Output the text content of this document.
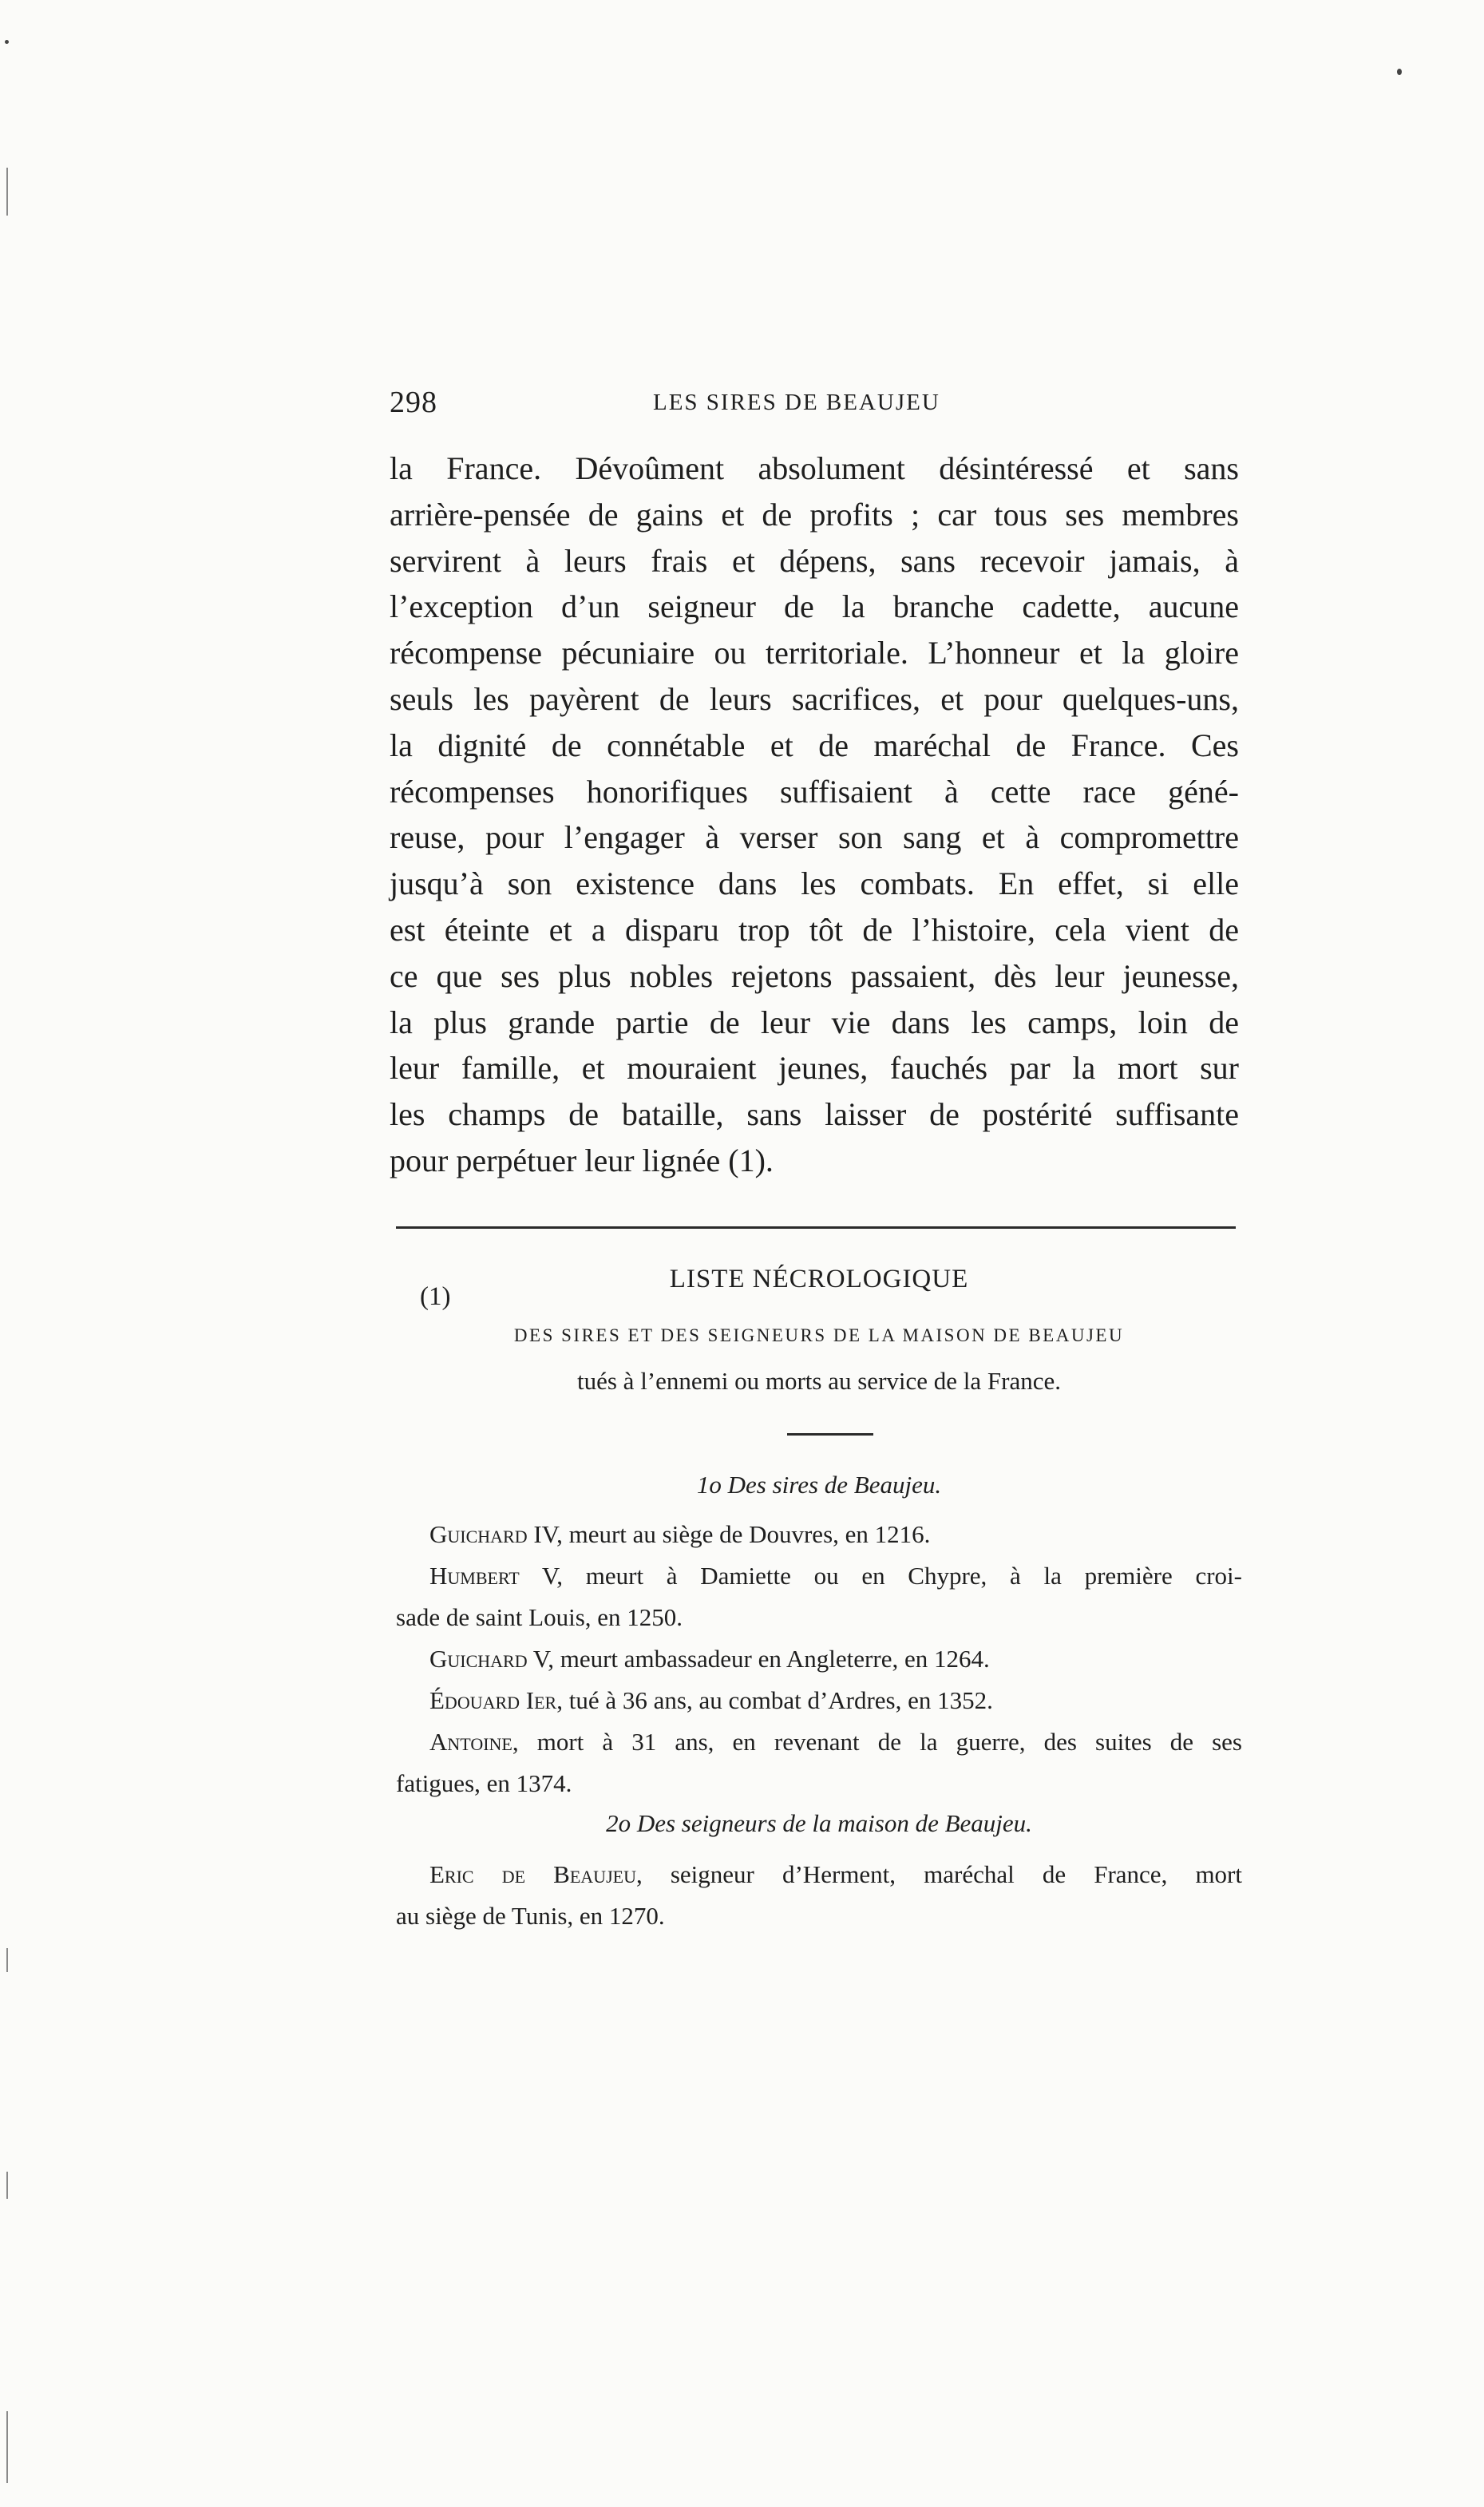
298	LES SIRES DE BEAUJEU
la France. Dévoûment absolument désintéressé et sans
arrière-pensée de gains et de profits ; car tous ses membres
servirent à leurs frais et dépens, sans recevoir jamais, à
l’exception d’un seigneur de la branche cadette, aucune
récompense pécuniaire ou territoriale. L’honneur et la gloire
seuls les payèrent de leurs sacrifices, et pour quelques-uns,
la dignité de connétable et de maréchal de France. Ces
récompenses honorifiques suffisaient à cette race géné-
reuse, pour l’engager à verser son sang et à compromettre
jusqu’à son existence dans les combats. En effet, si elle
est éteinte et a disparu trop tôt de l’histoire, cela vient de
ce que ses plus nobles rejetons passaient, dès leur jeunesse,
la plus grande partie de leur vie dans les camps, loin de
leur famille, et mouraient jeunes, fauchés par la mort sur
les champs de bataille, sans laisser de postérité suffisante
pour perpétuer leur lignée (1).
LISTE NÉCROLOGIQUE
(1)
DES SIRES ET DES SEIGNEURS DE LA MAISON DE BEAUJEU
tués à l’ennemi ou morts au service de la France.
1o Des sires de Beaujeu.
Guichard IV, meurt au siège de Douvres, en 1216.
Humbert V, meurt à Damiette ou en Chypre, à la première croi-
sade de saint Louis, en 1250.
Guichard V, meurt ambassadeur en Angleterre, en 1264.
Édouard Ier, tué à 36 ans, au combat d’Ardres, en 1352.
Antoine, mort à 31 ans, en revenant de la guerre, des suites de ses
fatigues, en 1374.
2o Des seigneurs de la maison de Beaujeu.
Eric de Beaujeu, seigneur d’Herment, maréchal de France, mort
au siège de Tunis, en 1270.
